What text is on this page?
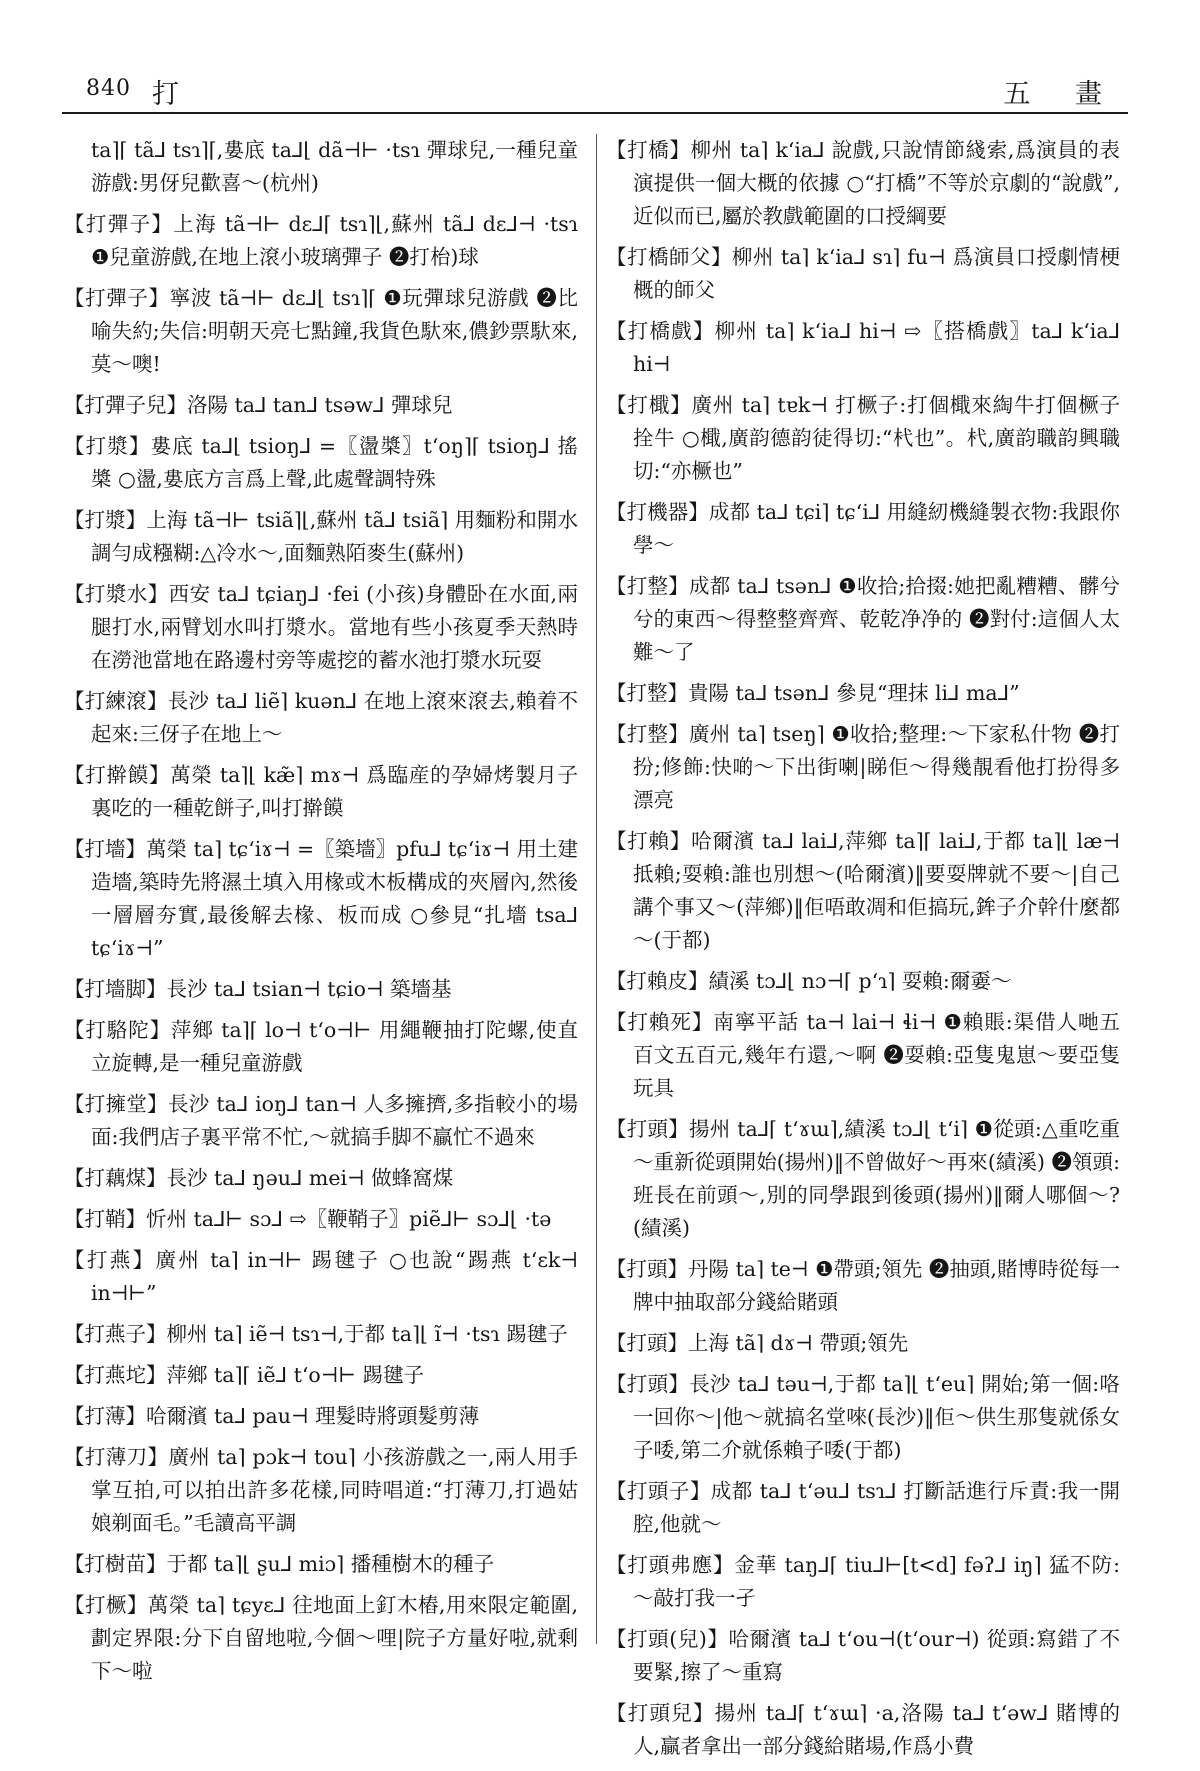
840 打	五 畫

ta⌉⌈ tã⅃ tsɿ⌉⌈,婁底 ta⅃⌊ dã⊣⊢ ·tsɿ 彈球兒,一種兒童游戲:男伢兒歡喜～(杭州)

【打彈子】上海 tã⊣⊢ dɛ⅃⌈ tsɿ⌉⌊,蘇州 tã⅃ dɛ⅃⊣ ·tsɿ ❶兒童游戲,在地上滾小玻璃彈子 ❷打枱)球

【打彈子】寧波 tã⊣⊢ dɛ⅃⌊ tsɿ⌉⌈ ❶玩彈球兒游戲 ❷比喻失約;失信:明朝天亮七點鐘,我貨色馱來,儂鈔票馱來,莫～噢!

【打彈子兒】洛陽 ta⅃ tan⅃ tsəw⅃ 彈球兒

【打漿】婁底 ta⅃⌊ tsioŋ⅃ =〖盪槳〗t‘oŋ⌉⌈ tsioŋ⅃ 搖槳 ○盪,婁底方言爲上聲,此處聲調特殊

【打漿】上海 tã⊣⊢ tsiã⌉⌊,蘇州 tã⅃ tsiã⌉ 用麵粉和開水調勻成糨糊:△冷水～,面麵熟陌麥生(蘇州)

【打漿水】西安 ta⅃ tɕiaŋ⅃ ·fei (小孩)身體卧在水面,兩腿打水,兩臂划水叫打漿水。當地有些小孩夏季天熱時在澇池當地在路邊村旁等處挖的蓄水池打漿水玩耍

【打練滾】長沙 ta⅃ liẽ⌉ kuən⅃ 在地上滾來滾去,賴着不起來:三伢子在地上～

【打擀饃】萬榮 ta⌉⌊ kæ̃⌉ mɤ⊣ 爲臨産的孕婦烤製月子裏吃的一種乾餅子,叫打擀饃

【打墻】萬榮 ta⌉ tɕ‘iɤ⊣ =〖築墻〗pfu⅃ tɕ‘iɤ⊣ 用土建造墻,築時先將濕土填入用椽或木板構成的夾層內,然後一層層夯實,最後解去椽、板而成 ○參見“扎墻 tsa⅃ tɕ‘iɤ⊣”

【打墻脚】長沙 ta⅃ tsian⊣ tɕio⊣ 築墻基

【打駱陀】萍鄉 ta⌉⌈ lo⊣ t‘o⊣⊢ 用繩鞭抽打陀螺,使直立旋轉,是一種兒童游戲

【打擁堂】長沙 ta⅃ ioŋ⅃ tan⊣ 人多擁擠,多指較小的場面:我們店子裏平常不忙,～就搞手脚不贏忙不過來

【打藕煤】長沙 ta⅃ ŋəu⅃ mei⊣ 做蜂窩煤

【打鞘】忻州 ta⅃⊢ sɔ⅃ ⇨〖鞭鞘子〗piẽ⅃⊢ sɔ⅃⌊ ·tə

【打燕】廣州 ta⌉ in⊣⊢ 踢毽子 ○也說“踢燕 t‘ɛk⊣ in⊣⊢”

【打燕子】柳州 ta⌉ iẽ⊣ tsɿ⊣,于都 ta⌉⌊ ĩ⊣ ·tsɿ 踢毽子

【打燕坨】萍鄉 ta⌉⌈ iẽ⅃ t‘o⊣⊢ 踢毽子

【打薄】哈爾濱 ta⅃ pau⊣ 理髮時將頭髮剪薄

【打薄刀】廣州 ta⌉ pɔk⊣ tou⌉ 小孩游戲之一,兩人用手掌互拍,可以拍出許多花樣,同時唱道:“打薄刀,打過姑娘剃面毛。”毛讀高平調

【打樹苗】于都 ta⌉⌊ ʂu⅃ miɔ⌉ 播種樹木的種子

【打橛】萬榮 ta⌉ tɕyɛ⅃ 往地面上釘木樁,用來限定範圍,劃定界限:分下自留地啦,今個～哩|院子方量好啦,就剩下～啦

【打橋】柳州 ta⌉ k‘ia⅃ 說戲,只說情節綫索,爲演員的表演提供一個大概的依據 ○“打橋”不等於京劇的“說戲”,近似而已,屬於教戲範圍的口授綱要

【打橋師父】柳州 ta⌉ k‘ia⅃ sɿ⌉ fu⊣ 爲演員口授劇情梗概的師父

【打橋戲】柳州 ta⌉ k‘ia⅃ hi⊣ ⇨〖搭橋戲〗ta⅃ k‘ia⅃ hi⊣

【打檝】廣州 ta⌉ tɐk⊣ 打橛子:打個檝來綯牛打個橛子拴牛 ○檝,廣韵德韵徒得切:“杙也”。杙,廣韵職韵興職切:“亦橛也”

【打機器】成都 ta⅃ tɕi⌉ tɕ‘i⅃ 用縫紉機縫製衣物:我跟你學～

【打整】成都 ta⅃ tsən⅃ ❶收拾;拾掇:她把亂糟糟、髒兮兮的東西～得整整齊齊、乾乾净净的 ❷對付:這個人太難～了

【打整】貴陽 ta⅃ tsən⅃ 參見“理抹 li⅃ ma⅃”

【打整】廣州 ta⌉ tseŋ⌉ ❶收拾;整理:～下家私什物 ❷打扮;修飾:快啲～下出街喇|睇佢～得幾靚看他打扮得多漂亮

【打賴】哈爾濱 ta⅃ lai⅃,萍鄉 ta⌉⌈ lai⅃,于都 ta⌉⌊ læ⊣ 抵賴;耍賴:誰也別想～(哈爾濱)‖要耍牌就不要～|自己講个事又～(萍鄉)‖佢唔敢凋和佢搞玩,鉾子介幹什麼都～(于都)

【打賴皮】績溪 tɔ⅃⌊ nɔ⊣⌈ p‘ɿ⌉ 耍賴:爾嫑～

【打賴死】南寧平話 ta⊣ lai⊣ ɬi⊣ ❶賴賬:渠借人哋五百文五百元,幾年冇還,～啊 ❷耍賴:亞隻鬼崽～要亞隻玩具

【打頭】揚州 ta⅃⌈ t‘ɤɯ⌉,績溪 tɔ⅃⌊ t‘i⌉ ❶從頭:△重吃重～重新從頭開始(揚州)‖不曾做好～再來(績溪) ❷領頭:班長在前頭～,別的同學跟到後頭(揚州)‖爾人哪個～?(績溪)

【打頭】丹陽 ta⌉ te⊣ ❶帶頭;領先 ❷抽頭,賭博時從每一牌中抽取部分錢給賭頭

【打頭】上海 tã⌉ dɤ⊣ 帶頭;領先

【打頭】長沙 ta⅃ təu⊣,于都 ta⌉⌊ t‘eu⌉ 開始;第一個:咯一回你～|他～就搞名堂唻(長沙)‖佢～供生那隻就係女子唩,第二介就係賴子唩(于都)

【打頭子】成都 ta⅃ t‘əu⅃ tsɿ⅃ 打斷話進行斥責:我一開腔,他就～

【打頭弗應】金華 taŋ⅃⌈ tiu⅃⊢[t<d] fəʔ⅃ iŋ⌉ 猛不防:～敲打我一孑

【打頭(兒)】哈爾濱 ta⅃ t‘ou⊣(t‘our⊣) 從頭:寫錯了不要緊,擦了～重寫

【打頭兒】揚州 ta⅃⌈ t‘ɤɯ⌉ ·a,洛陽 ta⅃ t‘əw⅃ 賭博的人,贏者拿出一部分錢給賭場,作爲小費
